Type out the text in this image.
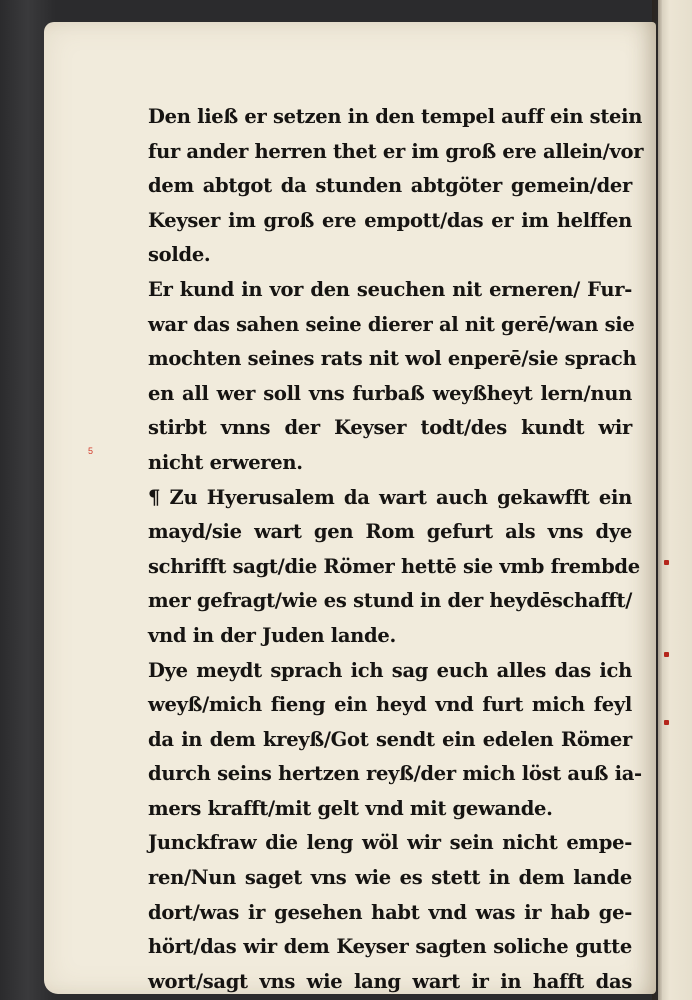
5
Den ließ er setzen in den tempel auff ein stein
fur ander herren thet er im groß ere allein/vor
dem abtgot da stunden abtgöter gemein/der
Keyser im groß ere empott/das er im helffen
solde.
Er kund in vor den seuchen nit erneren/ Fur-
war das sahen seine dierer al nit gerē/wan sie
mochten seines rats nit wol enperē/sie sprach
en all wer soll vns furbaß weyßheyt lern/nun
stirbt vnns der Keyser todt/des kundt wir
nicht erweren.
¶ Zu Hyerusalem da wart auch gekawfft ein
mayd/sie wart gen Rom gefurt als vns dye
schrifft sagt/die Römer hettē sie vmb frembde
mer gefragt/wie es stund in der heydēschafft/
vnd in der Juden lande.
Dye meydt sprach ich sag euch alles das ich
weyß/mich fieng ein heyd vnd furt mich feyl
da in dem kreyß/Got sendt ein edelen Römer
durch seins hertzen reyß/der mich löst auß ia-
mers krafft/mit gelt vnd mit gewande.
Junckfraw die leng wöl wir sein nicht empe-
ren/Nun saget vns wie es stett in dem lande
dort/was ir gesehen habt vnd was ir hab ge-
hört/das wir dem Keyser sagten soliche gutte
wort/sagt vns wie lang wart ir in hafft das
